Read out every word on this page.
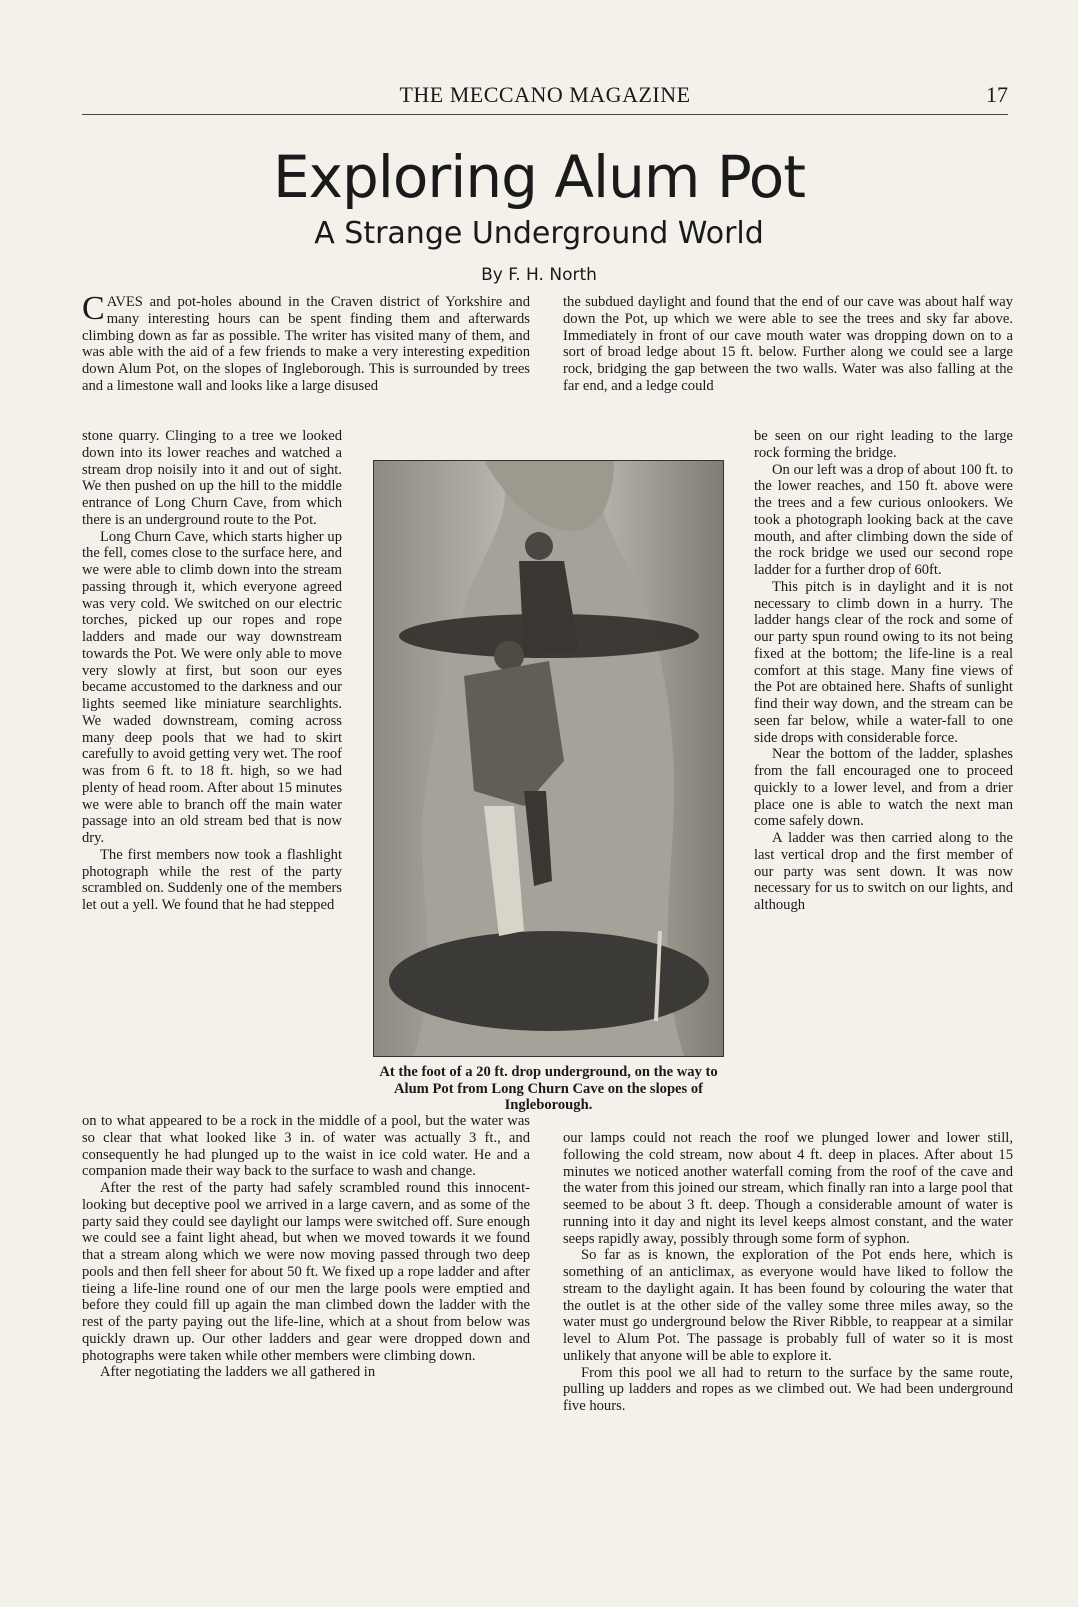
THE MECCANO MAGAZINE	17
Exploring Alum Pot
A Strange Underground World
By F. H. North

CAVES and pot-holes abound in the Craven district of Yorkshire and many interesting hours can be spent finding them and afterwards climbing down as far as possible. The writer has visited many of them, and was able with the aid of a few friends to make a very interesting expedition down Alum Pot, on the slopes of Ingleborough. This is surrounded by trees and a limestone wall and looks like a large disused

stone quarry. Clinging to a tree we looked down into its lower reaches and watched a stream drop noisily into it and out of sight. We then pushed on up the hill to the middle entrance of Long Churn Cave, from which there is an underground route to the Pot.

Long Churn Cave, which starts higher up the fell, comes close to the surface here, and we were able to climb down into the stream passing through it, which everyone agreed was very cold. We switched on our electric torches, picked up our ropes and rope ladders and made our way downstream towards the Pot. We were only able to move very slowly at first, but soon our eyes became accustomed to the darkness and our lights seemed like miniature searchlights. We waded downstream, coming across many deep pools that we had to skirt carefully to avoid getting very wet. The roof was from 6 ft. to 18 ft. high, so we had plenty of head room. After about 15 minutes we were able to branch off the main water passage into an old stream bed that is now dry.

The first members now took a flashlight photograph while the rest of the party scrambled on. Suddenly one of the members let out a yell. We found that he had stepped

on to what appeared to be a rock in the middle of a pool, but the water was so clear that what looked like 3 in. of water was actually 3 ft., and consequently he had plunged up to the waist in ice cold water. He and a companion made their way back to the surface to wash and change.

After the rest of the party had safely scrambled round this innocent-looking but deceptive pool we arrived in a large cavern, and as some of the party said they could see daylight our lamps were switched off. Sure enough we could see a faint light ahead, but when we moved towards it we found that a stream along which we were now moving passed through two deep pools and then fell sheer for about 50 ft. We fixed up a rope ladder and after tieing a life-line round one of our men the large pools were emptied and before they could fill up again the man climbed down the ladder with the rest of the party paying out the life-line, which at a shout from below was quickly drawn up. Our other ladders and gear were dropped down and photographs were taken while other members were climbing down.

After negotiating the ladders we all gathered in

the subdued daylight and found that the end of our cave was about half way down the Pot, up which we were able to see the trees and sky far above. Immediately in front of our cave mouth water was dropping down on to a sort of broad ledge about 15 ft. below. Further along we could see a large rock, bridging the gap between the two walls. Water was also falling at the far end, and a ledge could

be seen on our right leading to the large rock forming the bridge.

On our left was a drop of about 100 ft. to the lower reaches, and 150 ft. above were the trees and a few curious onlookers. We took a photograph looking back at the cave mouth, and after climbing down the side of the rock bridge we used our second rope ladder for a further drop of 60ft.

This pitch is in daylight and it is not necessary to climb down in a hurry. The ladder hangs clear of the rock and some of our party spun round owing to its not being fixed at the bottom; the life-line is a real comfort at this stage. Many fine views of the Pot are obtained here. Shafts of sunlight find their way down, and the stream can be seen far below, while a water-fall to one side drops with considerable force.

Near the bottom of the ladder, splashes from the fall encouraged one to proceed quickly to a lower level, and from a drier place one is able to watch the next man come safely down.

A ladder was then carried along to the last vertical drop and the first member of our party was sent down. It was now necessary for us to switch on our lights, and although

our lamps could not reach the roof we plunged lower and lower still, following the cold stream, now about 4 ft. deep in places. After about 15 minutes we noticed another waterfall coming from the roof of the cave and the water from this joined our stream, which finally ran into a large pool that seemed to be about 3 ft. deep. Though a considerable amount of water is running into it day and night its level keeps almost constant, and the water seeps rapidly away, possibly through some form of syphon.

So far as is known, the exploration of the Pot ends here, which is something of an anticlimax, as everyone would have liked to follow the stream to the daylight again. It has been found by colouring the water that the outlet is at the other side of the valley some three miles away, so the water must go underground below the River Ribble, to reappear at a similar level to Alum Pot. The passage is probably full of water so it is most unlikely that anyone will be able to explore it.

From this pool we all had to return to the surface by the same route, pulling up ladders and ropes as we climbed out. We had been underground five hours.

At the foot of a 20 ft. drop underground, on the way to Alum Pot from Long Churn Cave on the slopes of Ingleborough.
